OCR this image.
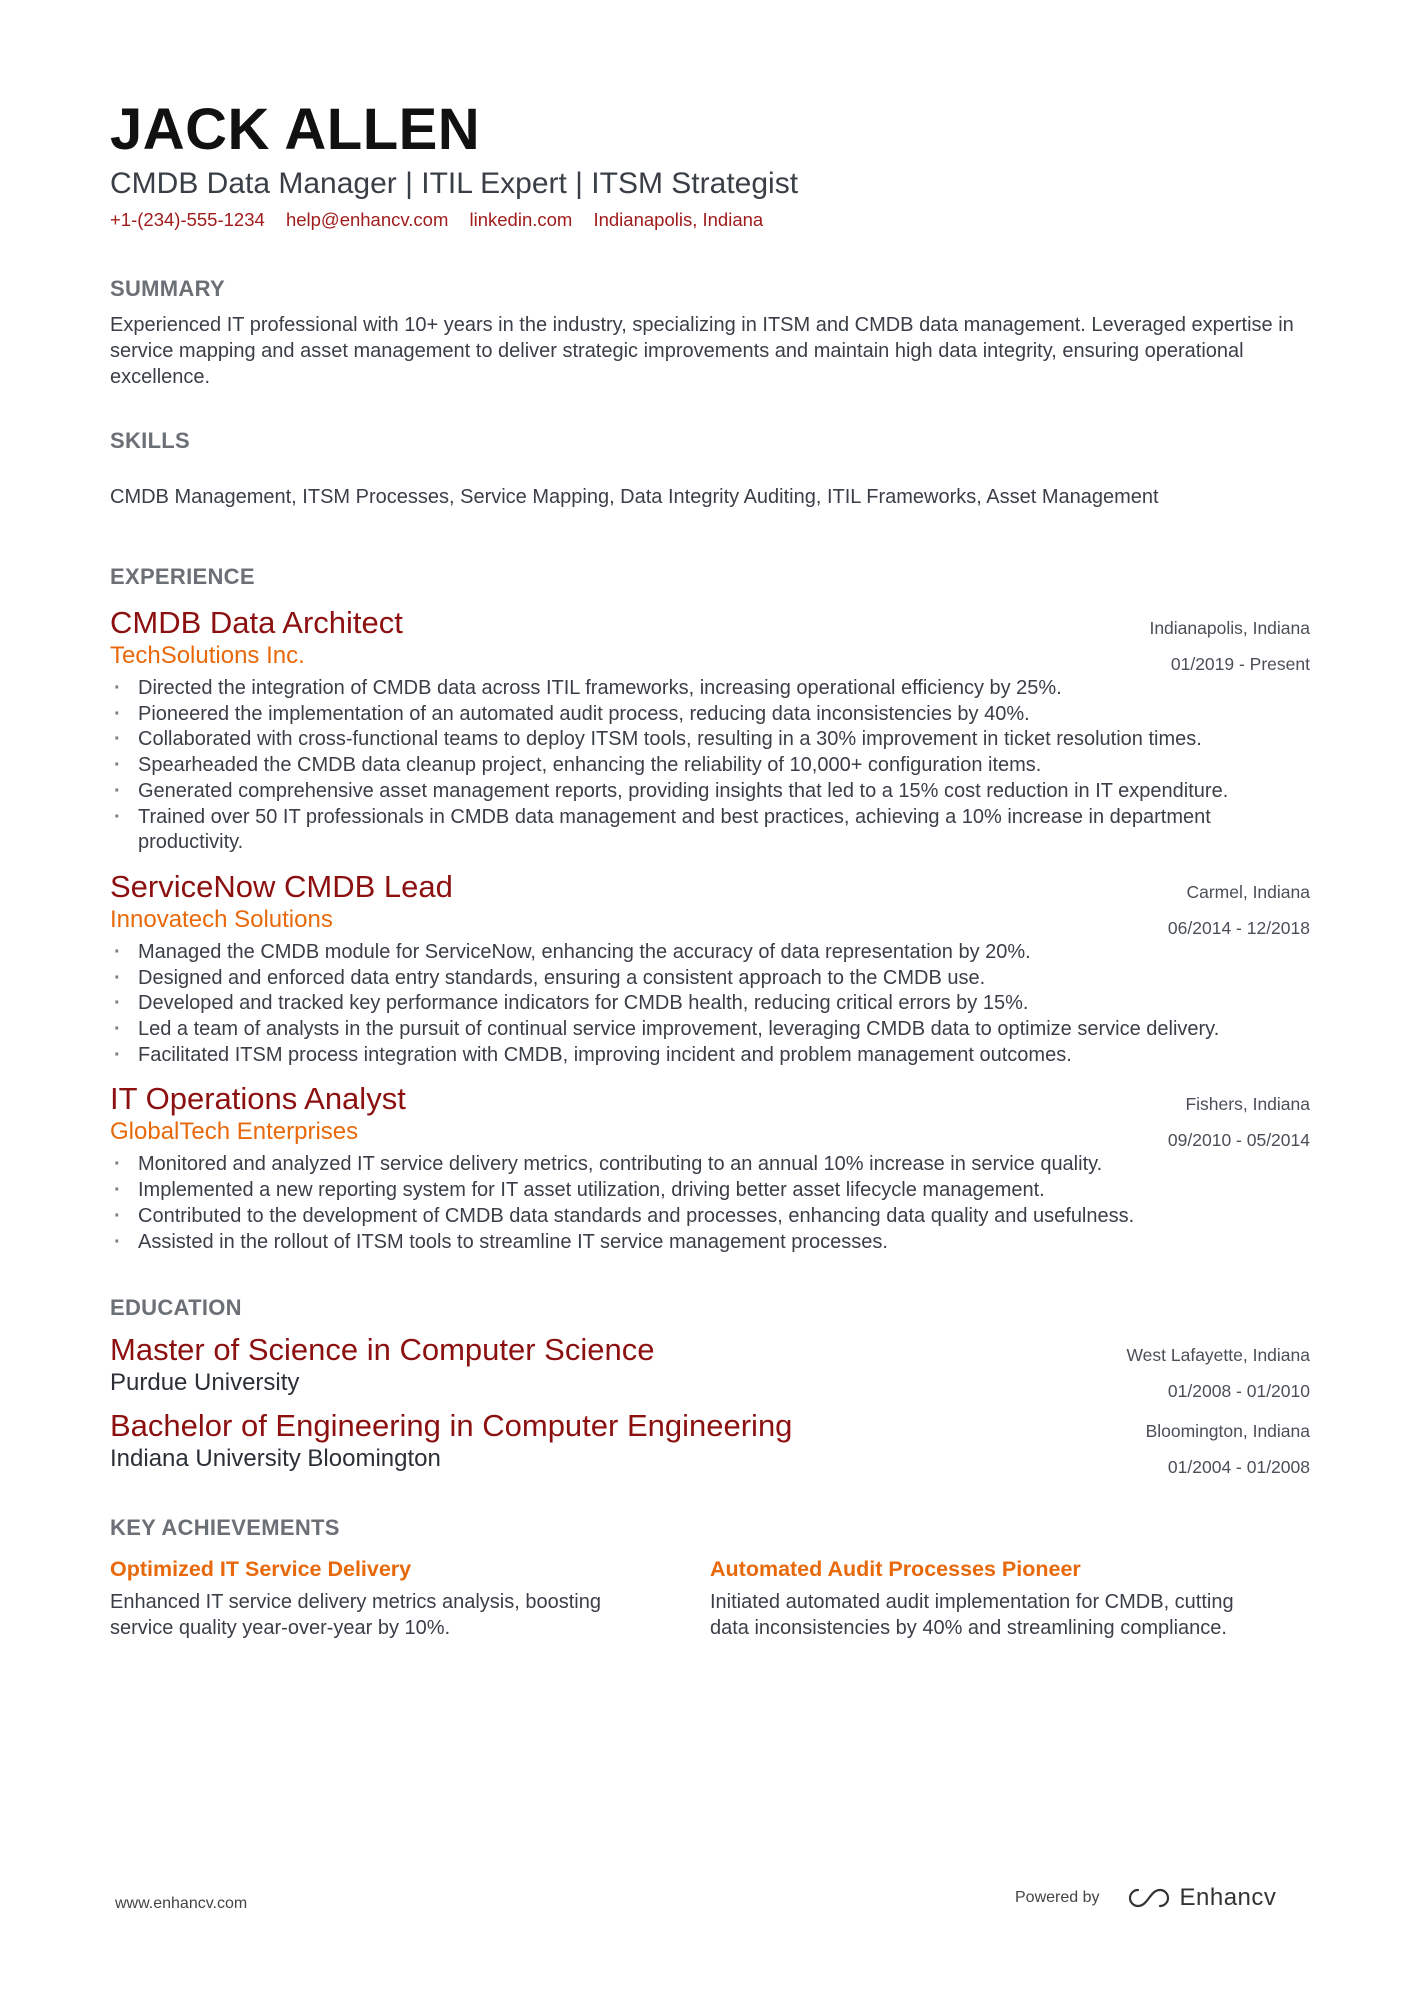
JACK ALLEN
CMDB Data Manager | ITIL Expert | ITSM Strategist
+1-(234)-555-1234 help@enhancv.com linkedin.com Indianapolis, Indiana
SUMMARY
Experienced IT professional with 10+ years in the industry, specializing in ITSM and CMDB data management. Leveraged expertise in service mapping and asset management to deliver strategic improvements and maintain high data integrity, ensuring operational excellence.
SKILLS
CMDB Management, ITSM Processes, Service Mapping, Data Integrity Auditing, ITIL Frameworks, Asset Management
EXPERIENCE
CMDB Data Architect
TechSolutions Inc.
Indianapolis, Indiana
01/2019 - Present
· Directed the integration of CMDB data across ITIL frameworks, increasing operational efficiency by 25%.
· Pioneered the implementation of an automated audit process, reducing data inconsistencies by 40%.
· Collaborated with cross-functional teams to deploy ITSM tools, resulting in a 30% improvement in ticket resolution times.
· Spearheaded the CMDB data cleanup project, enhancing the reliability of 10,000+ configuration items.
· Generated comprehensive asset management reports, providing insights that led to a 15% cost reduction in IT expenditure.
· Trained over 50 IT professionals in CMDB data management and best practices, achieving a 10% increase in department productivity.
ServiceNow CMDB Lead
Innovatech Solutions
Carmel, Indiana
06/2014 - 12/2018
· Managed the CMDB module for ServiceNow, enhancing the accuracy of data representation by 20%.
· Designed and enforced data entry standards, ensuring a consistent approach to the CMDB use.
· Developed and tracked key performance indicators for CMDB health, reducing critical errors by 15%.
· Led a team of analysts in the pursuit of continual service improvement, leveraging CMDB data to optimize service delivery.
· Facilitated ITSM process integration with CMDB, improving incident and problem management outcomes.
IT Operations Analyst
GlobalTech Enterprises
Fishers, Indiana
09/2010 - 05/2014
· Monitored and analyzed IT service delivery metrics, contributing to an annual 10% increase in service quality.
· Implemented a new reporting system for IT asset utilization, driving better asset lifecycle management.
· Contributed to the development of CMDB data standards and processes, enhancing data quality and usefulness.
· Assisted in the rollout of ITSM tools to streamline IT service management processes.
EDUCATION
Master of Science in Computer Science
Purdue University
West Lafayette, Indiana
01/2008 - 01/2010
Bachelor of Engineering in Computer Engineering
Indiana University Bloomington
Bloomington, Indiana
01/2004 - 01/2008
KEY ACHIEVEMENTS
Optimized IT Service Delivery
Enhanced IT service delivery metrics analysis, boosting service quality year-over-year by 10%.
Automated Audit Processes Pioneer
Initiated automated audit implementation for CMDB, cutting data inconsistencies by 40% and streamlining compliance.
www.enhancv.com	Powered by	Enhancv
